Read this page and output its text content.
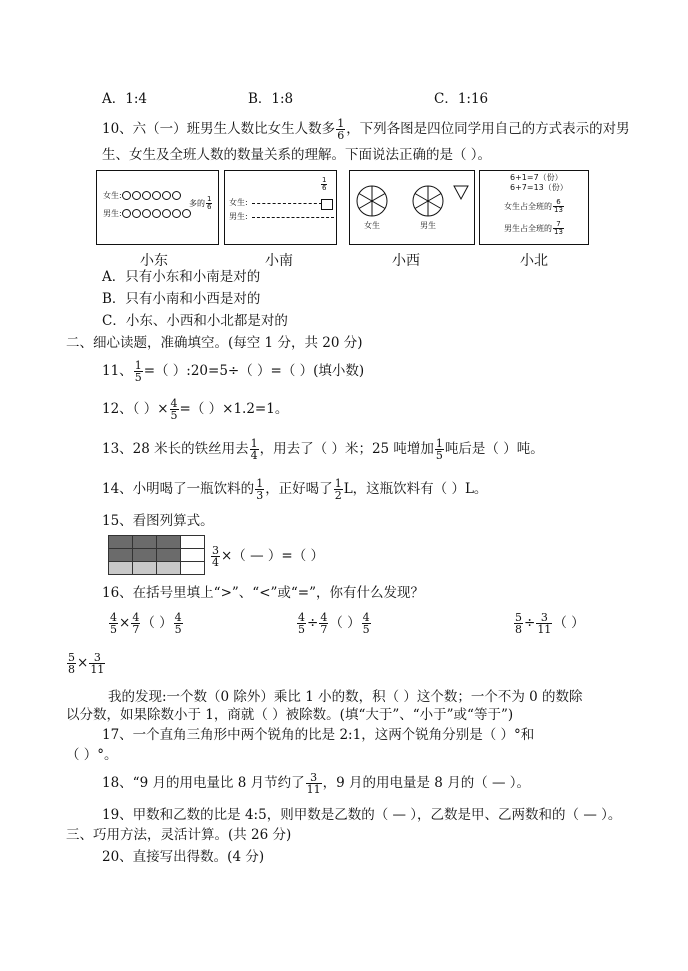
A．1:4	B．1:8	C．1:16
10、六（一）班男生人数比女生人数多 $\frac{1}{6}$ ，下列各图是四位同学用自己的方式表示的对男
生、女生及全班人数的数量关系的理解。下面说法正确的是（ ）。
女生:
男生:
多的 $\frac{1}{6}$ 女生:
男生:
$\frac{1}{6}$
女生	男生
6+1=7（份）
6+7=13（份）
女生占全班的 $\frac{6}{13}$
男生占全班的 $\frac{7}{13}$
小东	小南	小西	小北
A．只有小东和小南是对的
B．只有小南和小西是对的
C．小东、小西和小北都是对的
二、细心读题，准确填空。(每空 1 分，共 20 分)
11、 $\frac{1}{5}$ =（ ）:20=5÷（ ）=（ ）(填小数)
12、（ ）× $\frac{4}{5}$ =（ ）×1.2=1。
13、28 米长的铁丝用去 $\frac{1}{4}$ ，用去了（ ）米；25 吨增加 $\frac{1}{5}$ 吨后是（ ）吨。
14、小明喝了一瓶饮料的 $\frac{1}{3}$ ，正好喝了 $\frac{1}{2}$ L，这瓶饮料有（ ）L。
15、看图列算式。
$\frac{3}{4}$ ×（ — ）=（ ）
16、在括号里填上“>”、“<”或“=”，你有什么发现？
$\frac{4}{5} \times \frac{4}{7}$ （ ） $\frac{4}{5}$	$\frac{4}{5} \div \frac{4}{7}$ （ ） $\frac{4}{5}$	$\frac{5}{8} \div \frac{3}{11}$ （ ）
$\frac{5}{8} \times \frac{3}{11}$
我的发现:一个数（0 除外）乘比 1 小的数，积（ ）这个数；一个不为 0 的数除
以分数，如果除数小于 1，商就（ ）被除数。(填“大于”、“小于”或“等于”)
17、一个直角三角形中两个锐角的比是 2:1，这两个锐角分别是（ ）°和
（ ）°。
18、“9 月的用电量比 8 月节约了 $\frac{3}{11}$ ，9 月的用电量是 8 月的（ — ）。
19、甲数和乙数的比是 4:5，则甲数是乙数的（ — ），乙数是甲、乙两数和的（ — ）。
三、巧用方法，灵活计算。(共 26 分)
20、直接写出得数。(4 分)
